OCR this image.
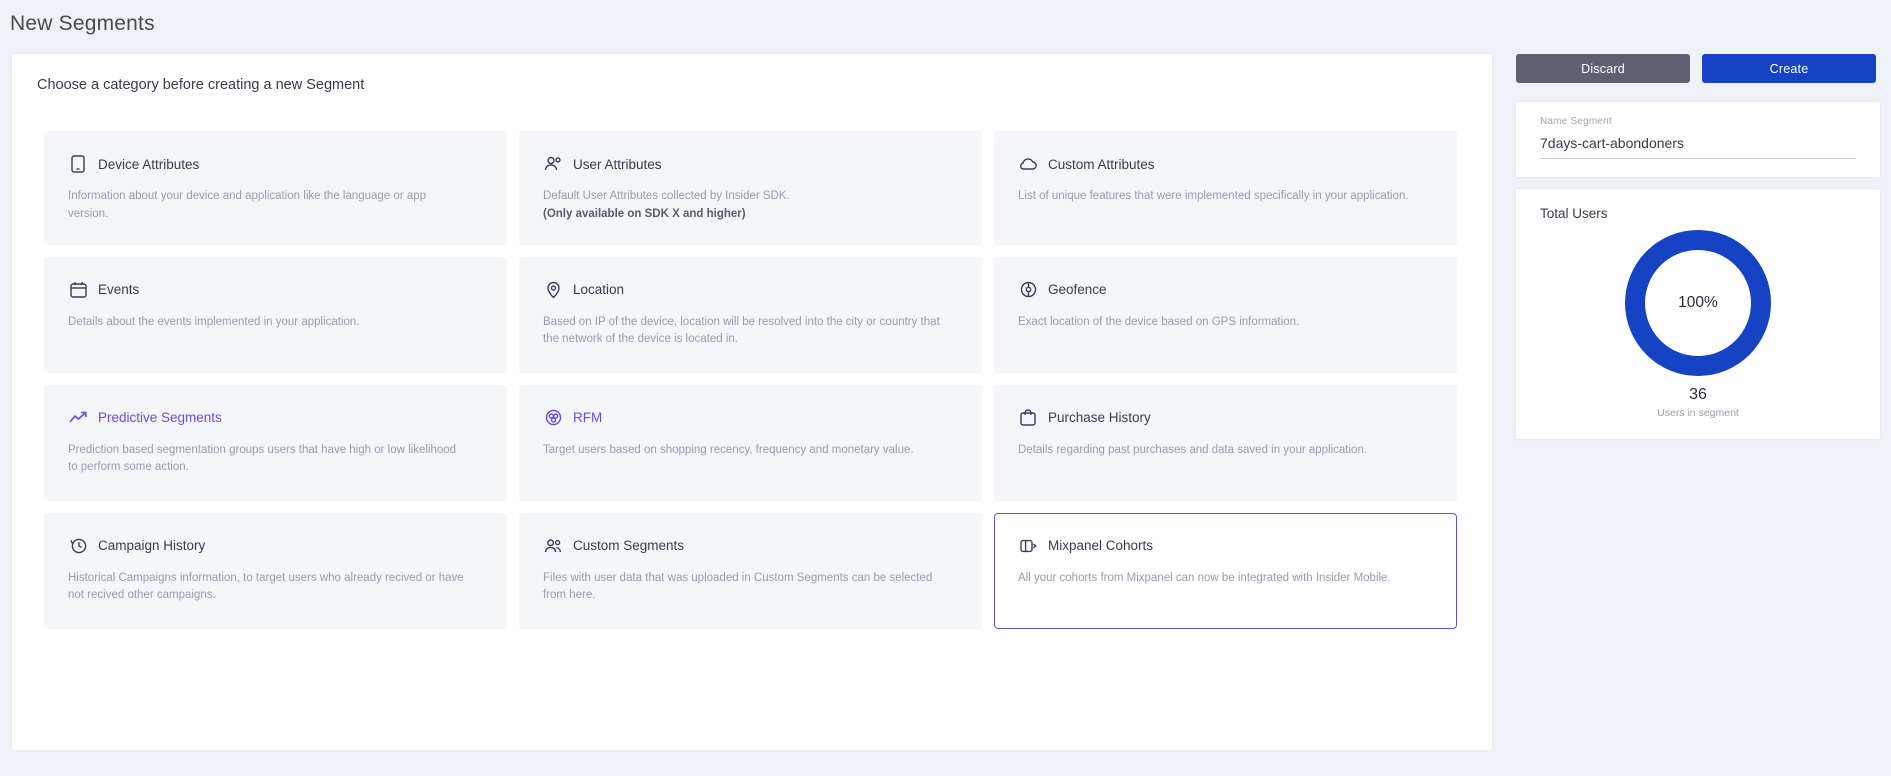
New Segments
Choose a category before creating a new Segment
Device Attributes
Information about your device and application like the language or app version.
User Attributes
Default User Attributes collected by Insider SDK.
(Only available on SDK X and higher)
Custom Attributes
List of unique features that were implemented specifically in your application.
Events
Details about the events implemented in your application.
Location
Based on IP of the device, location will be resolved into the city or country that the network of the device is located in.
Geofence
Exact location of the device based on GPS information.
Predictive Segments
Prediction based segmentation groups users that have high or low likelihood to perform some action.
RFM
Target users based on shopping recency, frequency and monetary value.
Purchase History
Details regarding past purchases and data saved in your application.
Campaign History
Historical Campaigns information, to target users who already recived or have not recived other campaigns.
Custom Segments
Files with user data that was uploaded in Custom Segments can be selected from here.
Mixpanel Cohorts
All your cohorts from Mixpanel can now be integrated with Insider Mobile.
Discard	Create
Name Segment
7days-cart-abondoners
Total Users
100%
36
Users in segment
